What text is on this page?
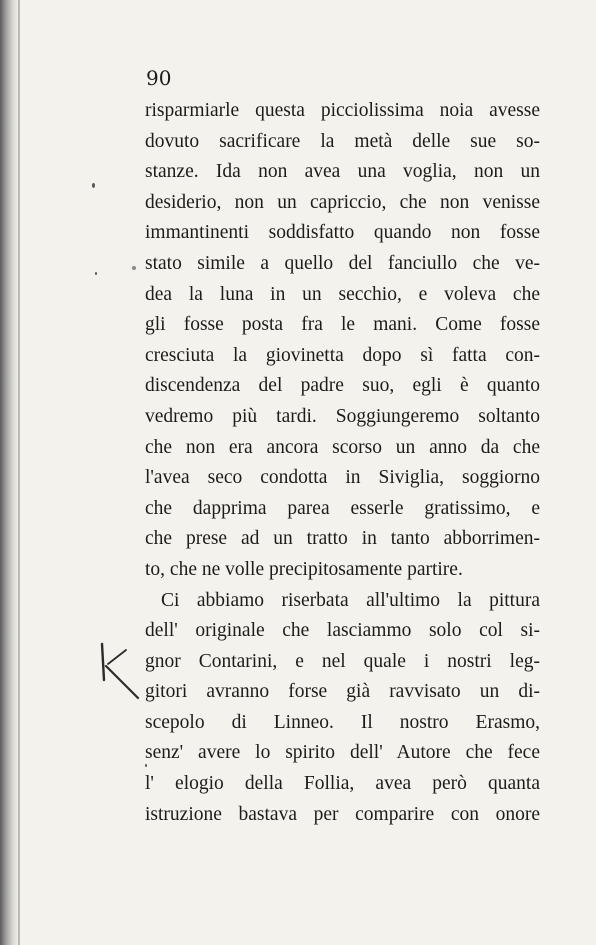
90
risparmiarle questa picciolissima noia avesse
dovuto sacrificare la metà delle sue so-
stanze. Ida non avea una voglia, non un
desiderio, non un capriccio, che non venisse
immantinenti soddisfatto quando non fosse
stato simile a quello del fanciullo che ve-
dea la luna in un secchio, e voleva che
gli fosse posta fra le mani. Come fosse
cresciuta la giovinetta dopo sì fatta con-
discendenza del padre suo, egli è quanto
vedremo più tardi. Soggiungeremo soltanto
che non era ancora scorso un anno da che
l'avea seco condotta in Siviglia, soggiorno
che dapprima parea esserle gratissimo, e
che prese ad un tratto in tanto abborrimen-
to, che ne volle precipitosamente partire.
Ci abbiamo riserbata all'ultimo la pittura
dell' originale che lasciammo solo col si-
gnor Contarini, e nel quale i nostri leg-
gitori avranno forse già ravvisato un di-
scepolo di Linneo. Il nostro Erasmo,
senz' avere lo spirito dell' Autore che fece
l' elogio della Follia, avea però quanta
istruzione bastava per comparire con onore
